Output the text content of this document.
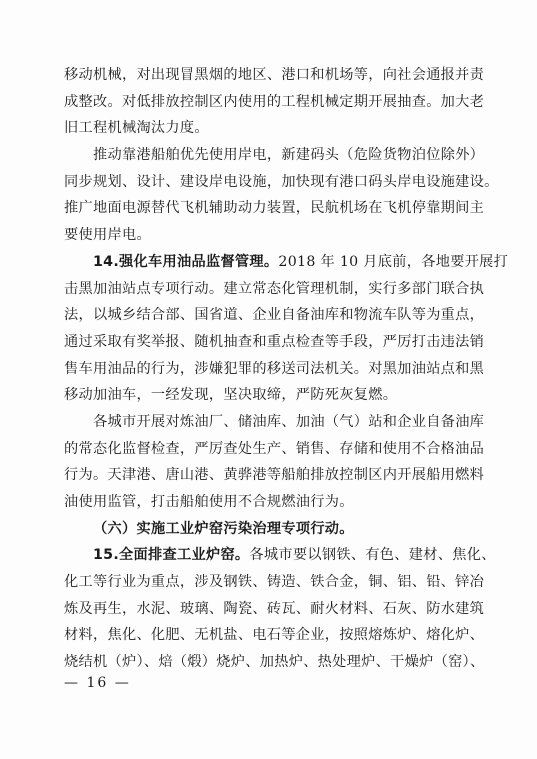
移动机械，对出现冒黑烟的地区、港口和机场等，向社会通报并责
成整改。对低排放控制区内使用的工程机械定期开展抽查。加大老
旧工程机械淘汰力度。
推动靠港船舶优先使用岸电，新建码头（危险货物泊位除外）
同步规划、设计、建设岸电设施，加快现有港口码头岸电设施建设。
推广地面电源替代飞机辅助动力装置，民航机场在飞机停靠期间主
要使用岸电。
14.强化车用油品监督管理。2018 年 10 月底前，各地要开展打
击黑加油站点专项行动。建立常态化管理机制，实行多部门联合执
法，以城乡结合部、国省道、企业自备油库和物流车队等为重点，
通过采取有奖举报、随机抽查和重点检查等手段，严厉打击违法销
售车用油品的行为，涉嫌犯罪的移送司法机关。对黑加油站点和黑
移动加油车，一经发现，坚决取缔，严防死灰复燃。
各城市开展对炼油厂、储油库、加油（气）站和企业自备油库
的常态化监督检查，严厉查处生产、销售、存储和使用不合格油品
行为。天津港、唐山港、黄骅港等船舶排放控制区内开展船用燃料
油使用监管，打击船舶使用不合规燃油行为。
（六）实施工业炉窑污染治理专项行动。
15.全面排查工业炉窑。各城市要以钢铁、有色、建材、焦化、
化工等行业为重点，涉及钢铁、铸造、铁合金，铜、铝、铅、锌冶
炼及再生，水泥、玻璃、陶瓷、砖瓦、耐火材料、石灰、防水建筑
材料，焦化、化肥、无机盐、电石等企业，按照熔炼炉、熔化炉、
烧结机（炉）、焙（煅）烧炉、加热炉、热处理炉、干燥炉（窑）、
— 16 —
